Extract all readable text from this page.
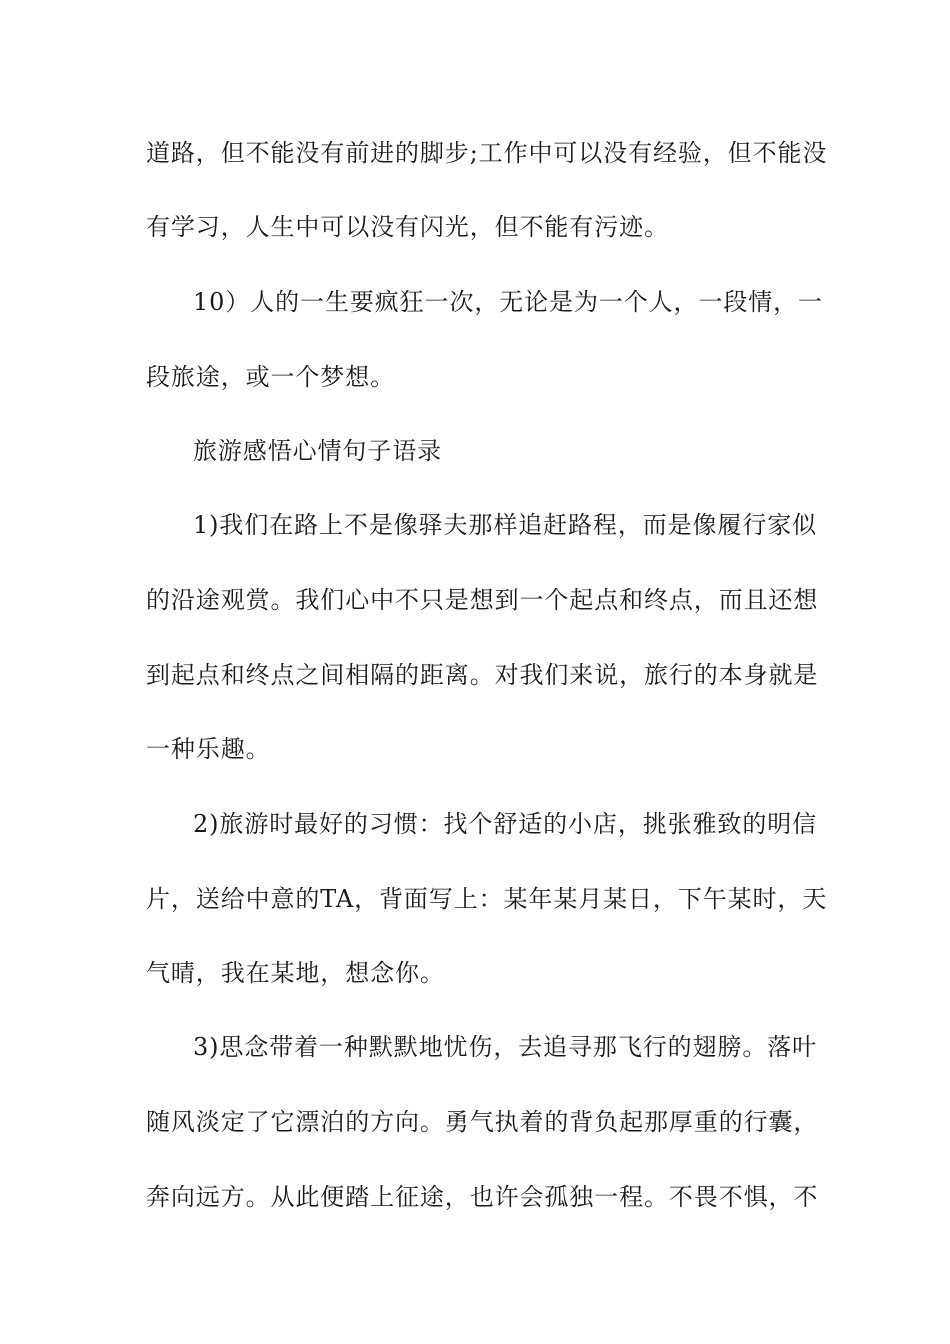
道路，但不能没有前进的脚步;工作中可以没有经验，但不能没
有学习，人生中可以没有闪光，但不能有污迹。
10）人的一生要疯狂一次，无论是为一个人，一段情，一
段旅途，或一个梦想。
旅游感悟心情句子语录
1)我们在路上不是像驿夫那样追赶路程，而是像履行家似
的沿途观赏。我们心中不只是想到一个起点和终点，而且还想
到起点和终点之间相隔的距离。对我们来说，旅行的本身就是
一种乐趣。
2)旅游时最好的习惯：找个舒适的小店，挑张雅致的明信
片，送给中意的TA，背面写上：某年某月某日，下午某时，天
气晴，我在某地，想念你。
3)思念带着一种默默地忧伤，去追寻那飞行的翅膀。落叶
随风淡定了它漂泊的方向。勇气执着的背负起那厚重的行囊，
奔向远方。从此便踏上征途，也许会孤独一程。不畏不惧，不
